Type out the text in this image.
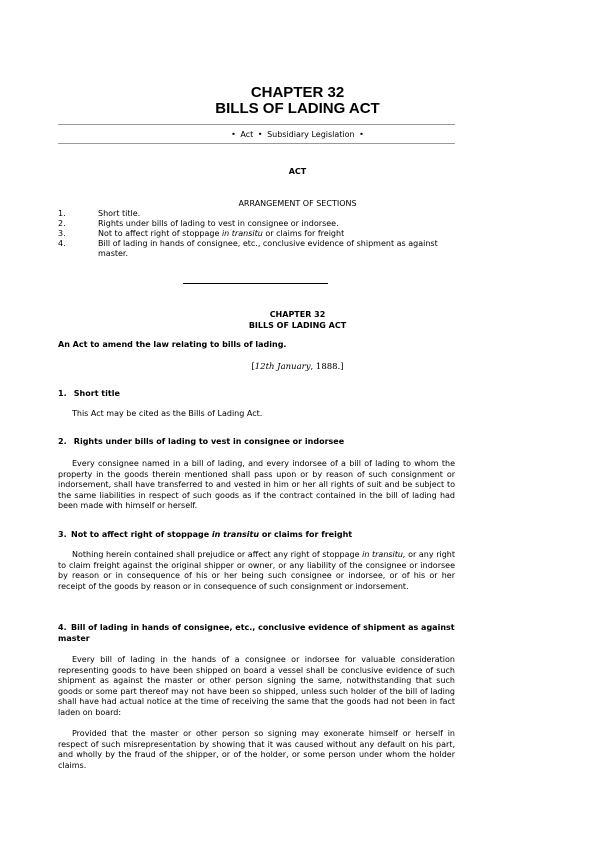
CHAPTER 32
BILLS OF LADING ACT
• Act • Subsidiary Legislation •
ACT
ARRANGEMENT OF SECTIONS
1.	Short title.
2.	Rights under bills of lading to vest in consignee or indorsee.
3.	Not to affect right of stoppage in transitu or claims for freight
4.	Bill of lading in hands of consignee, etc., conclusive evidence of shipment as against master.
CHAPTER 32
BILLS OF LADING ACT
An Act to amend the law relating to bills of lading.
[12th January, 1888.]
1. Short title
This Act may be cited as the Bills of Lading Act.
2. Rights under bills of lading to vest in consignee or indorsee
Every consignee named in a bill of lading, and every indorsee of a bill of lading to whom the property in the goods therein mentioned shall pass upon or by reason of such consignment or indorsement, shall have transferred to and vested in him or her all rights of suit and be subject to the same liabilities in respect of such goods as if the contract contained in the bill of lading had been made with himself or herself.
3. Not to affect right of stoppage in transitu or claims for freight
Nothing herein contained shall prejudice or affect any right of stoppage in transitu, or any right to claim freight against the original shipper or owner, or any liability of the consignee or indorsee by reason or in consequence of his or her being such consignee or indorsee, or of his or her receipt of the goods by reason or in consequence of such consignment or indorsement.
4. Bill of lading in hands of consignee, etc., conclusive evidence of shipment as against master
Every bill of lading in the hands of a consignee or indorsee for valuable consideration representing goods to have been shipped on board a vessel shall be conclusive evidence of such shipment as against the master or other person signing the same, notwithstanding that such goods or some part thereof may not have been so shipped, unless such holder of the bill of lading shall have had actual notice at the time of receiving the same that the goods had not been in fact laden on board:
Provided that the master or other person so signing may exonerate himself or herself in respect of such misrepresentation by showing that it was caused without any default on his part, and wholly by the fraud of the shipper, or of the holder, or some person under whom the holder claims.
